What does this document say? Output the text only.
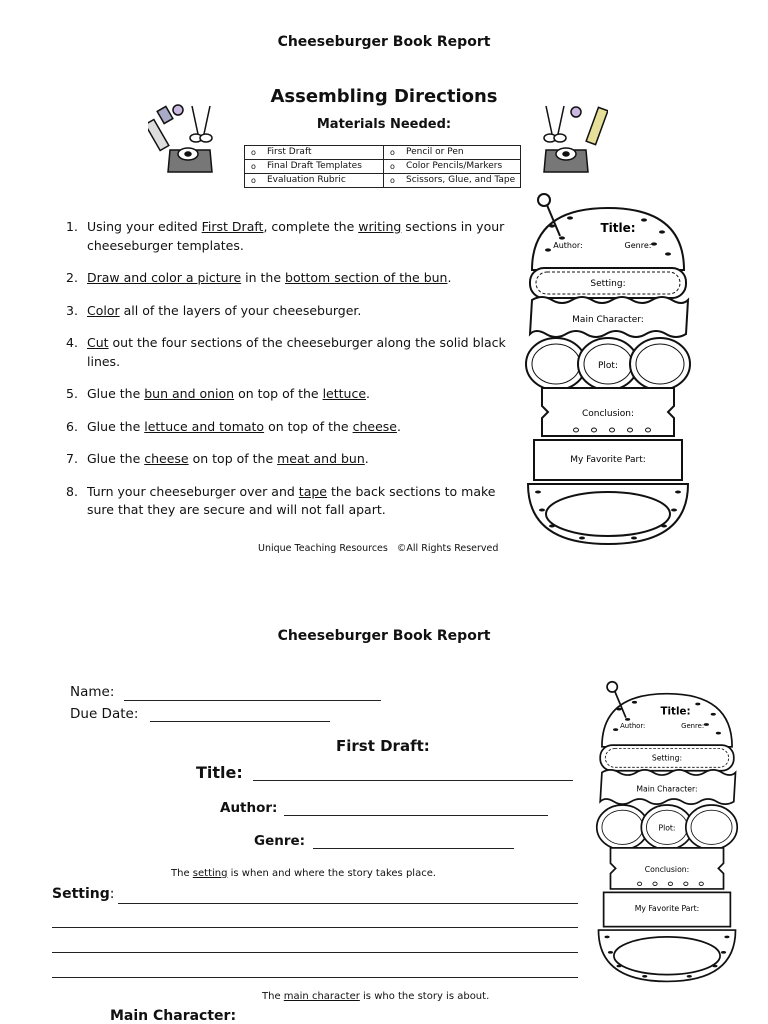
Cheeseburger Book Report
Assembling Directions
Materials Needed:
o First Draft	o Pencil or Pen

o Final Draft Templates	o Color Pencils/Markers

o Evaluation Rubric	o Scissors, Glue, and Tape
1. Using your edited First Draft, complete the writing sections in your cheeseburger templates.
2. Draw and color a picture in the bottom section of the bun.
3. Color all of the layers of your cheeseburger.
4. Cut out the four sections of the cheeseburger along the solid black lines.
5. Glue the bun and onion on top of the lettuce.
6. Glue the lettuce and tomato on top of the cheese.
7. Glue the cheese on top of the meat and bun.
8. Turn your cheeseburger over and tape the back sections to make sure that they are secure and will not fall apart.
Unique Teaching Resources   ©All Rights Reserved
Title:
Author:	Genre:
Setting:
Main Character:
Plot:
Conclusion:
My Favorite Part:
Cheeseburger Book Report
Name:
Due Date:
First Draft:
Title:
Author:
Genre:
The setting is when and where the story takes place.
Setting:
The main character is who the story is about.
Main Character:
Title:
Author:	Genre:
Setting:
Main Character:
Plot:
Conclusion:
My Favorite Part:
